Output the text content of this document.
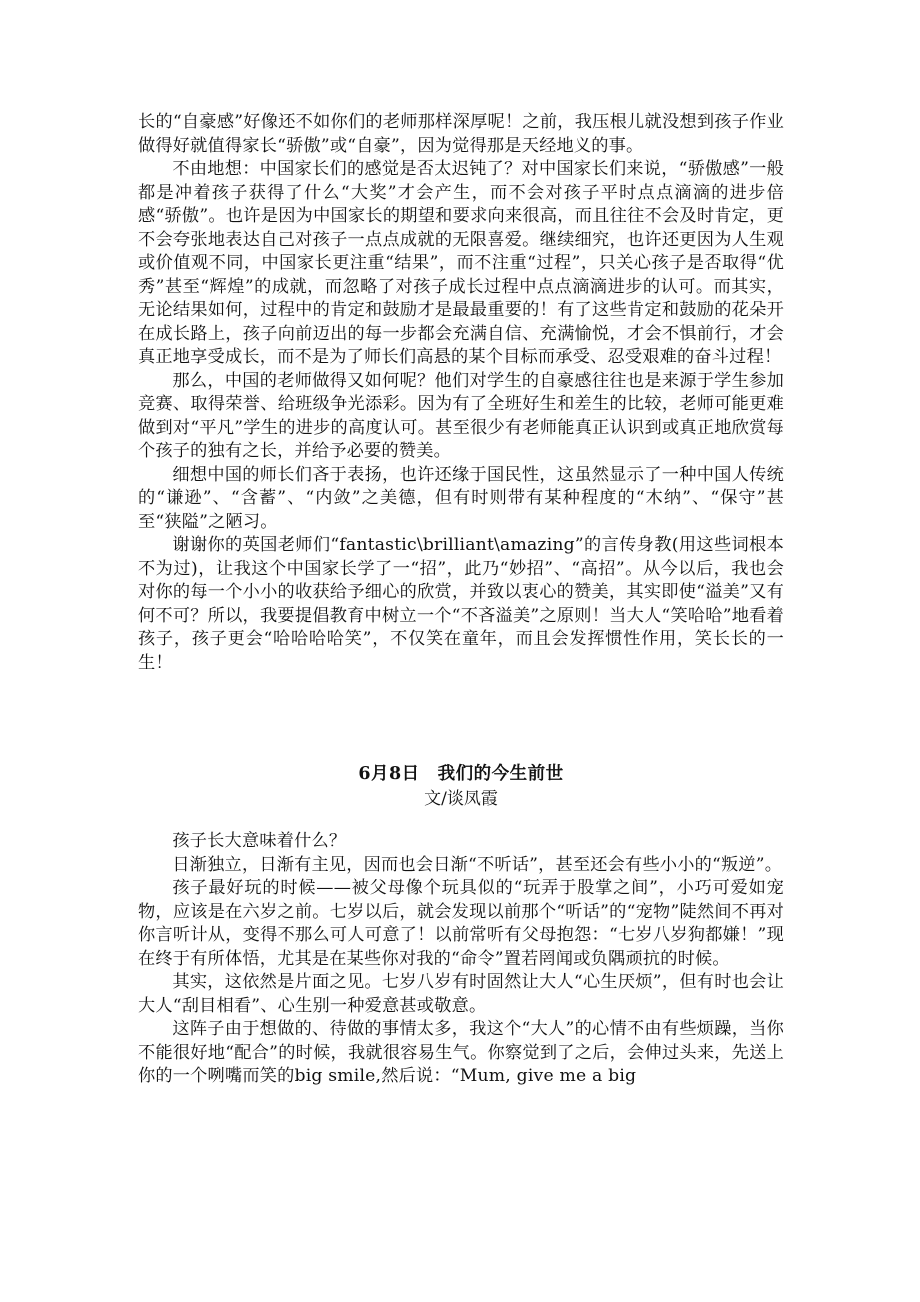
长的“自豪感”好像还不如你们的老师那样深厚呢！之前，我压根儿就没想到孩子作业做得好就值得家长“骄傲”或“自豪”，因为觉得那是天经地义的事。

不由地想：中国家长们的感觉是否太迟钝了？对中国家长们来说，“骄傲感”一般都是冲着孩子获得了什么“大奖”才会产生，而不会对孩子平时点点滴滴的进步倍感“骄傲”。也许是因为中国家长的期望和要求向来很高，而且往往不会及时肯定，更不会夸张地表达自己对孩子一点点成就的无限喜爱。继续细究，也许还更因为人生观或价值观不同，中国家长更注重“结果”，而不注重“过程”，只关心孩子是否取得“优秀”甚至“辉煌”的成就，而忽略了对孩子成长过程中点点滴滴进步的认可。而其实，无论结果如何，过程中的肯定和鼓励才是最最重要的！有了这些肯定和鼓励的花朵开在成长路上，孩子向前迈出的每一步都会充满自信、充满愉悦，才会不惧前行，才会真正地享受成长，而不是为了师长们高悬的某个目标而承受、忍受艰难的奋斗过程！

那么，中国的老师做得又如何呢？他们对学生的自豪感往往也是来源于学生参加竞赛、取得荣誉、给班级争光添彩。因为有了全班好生和差生的比较，老师可能更难做到对“平凡”学生的进步的高度认可。甚至很少有老师能真正认识到或真正地欣赏每个孩子的独有之长，并给予必要的赞美。

细想中国的师长们吝于表扬，也许还缘于国民性，这虽然显示了一种中国人传统的“谦逊”、“含蓄”、“内敛”之美德，但有时则带有某种程度的“木纳”、“保守”甚至“狭隘”之陋习。

谢谢你的英国老师们“fantastic\brilliant\amazing”的言传身教(用这些词根本不为过)，让我这个中国家长学了一“招”，此乃“妙招”、“高招”。从今以后，我也会对你的每一个小小的收获给予细心的欣赏，并致以衷心的赞美，其实即使“溢美”又有何不可？所以，我要提倡教育中树立一个“不吝溢美”之原则！当大人“笑哈哈”地看着孩子，孩子更会“哈哈哈哈笑”，不仅笑在童年，而且会发挥惯性作用，笑长长的一生！

6月8日　我们的今生前世
文/谈凤霞

孩子长大意味着什么？

日渐独立，日渐有主见，因而也会日渐“不听话”，甚至还会有些小小的“叛逆”。

孩子最好玩的时候——被父母像个玩具似的“玩弄于股掌之间”，小巧可爱如宠物，应该是在六岁之前。七岁以后，就会发现以前那个“听话”的“宠物”陡然间不再对你言听计从，变得不那么可人可意了！以前常听有父母抱怨：“七岁八岁狗都嫌！”现在终于有所体悟，尤其是在某些你对我的“命令”置若罔闻或负隅顽抗的时候。

其实，这依然是片面之见。七岁八岁有时固然让大人“心生厌烦”，但有时也会让大人“刮目相看”、心生别一种爱意甚或敬意。

这阵子由于想做的、待做的事情太多，我这个“大人”的心情不由有些烦躁，当你不能很好地“配合”的时候，我就很容易生气。你察觉到了之后，会伸过头来，先送上你的一个咧嘴而笑的big smile,然后说：“Mum, give me a big
